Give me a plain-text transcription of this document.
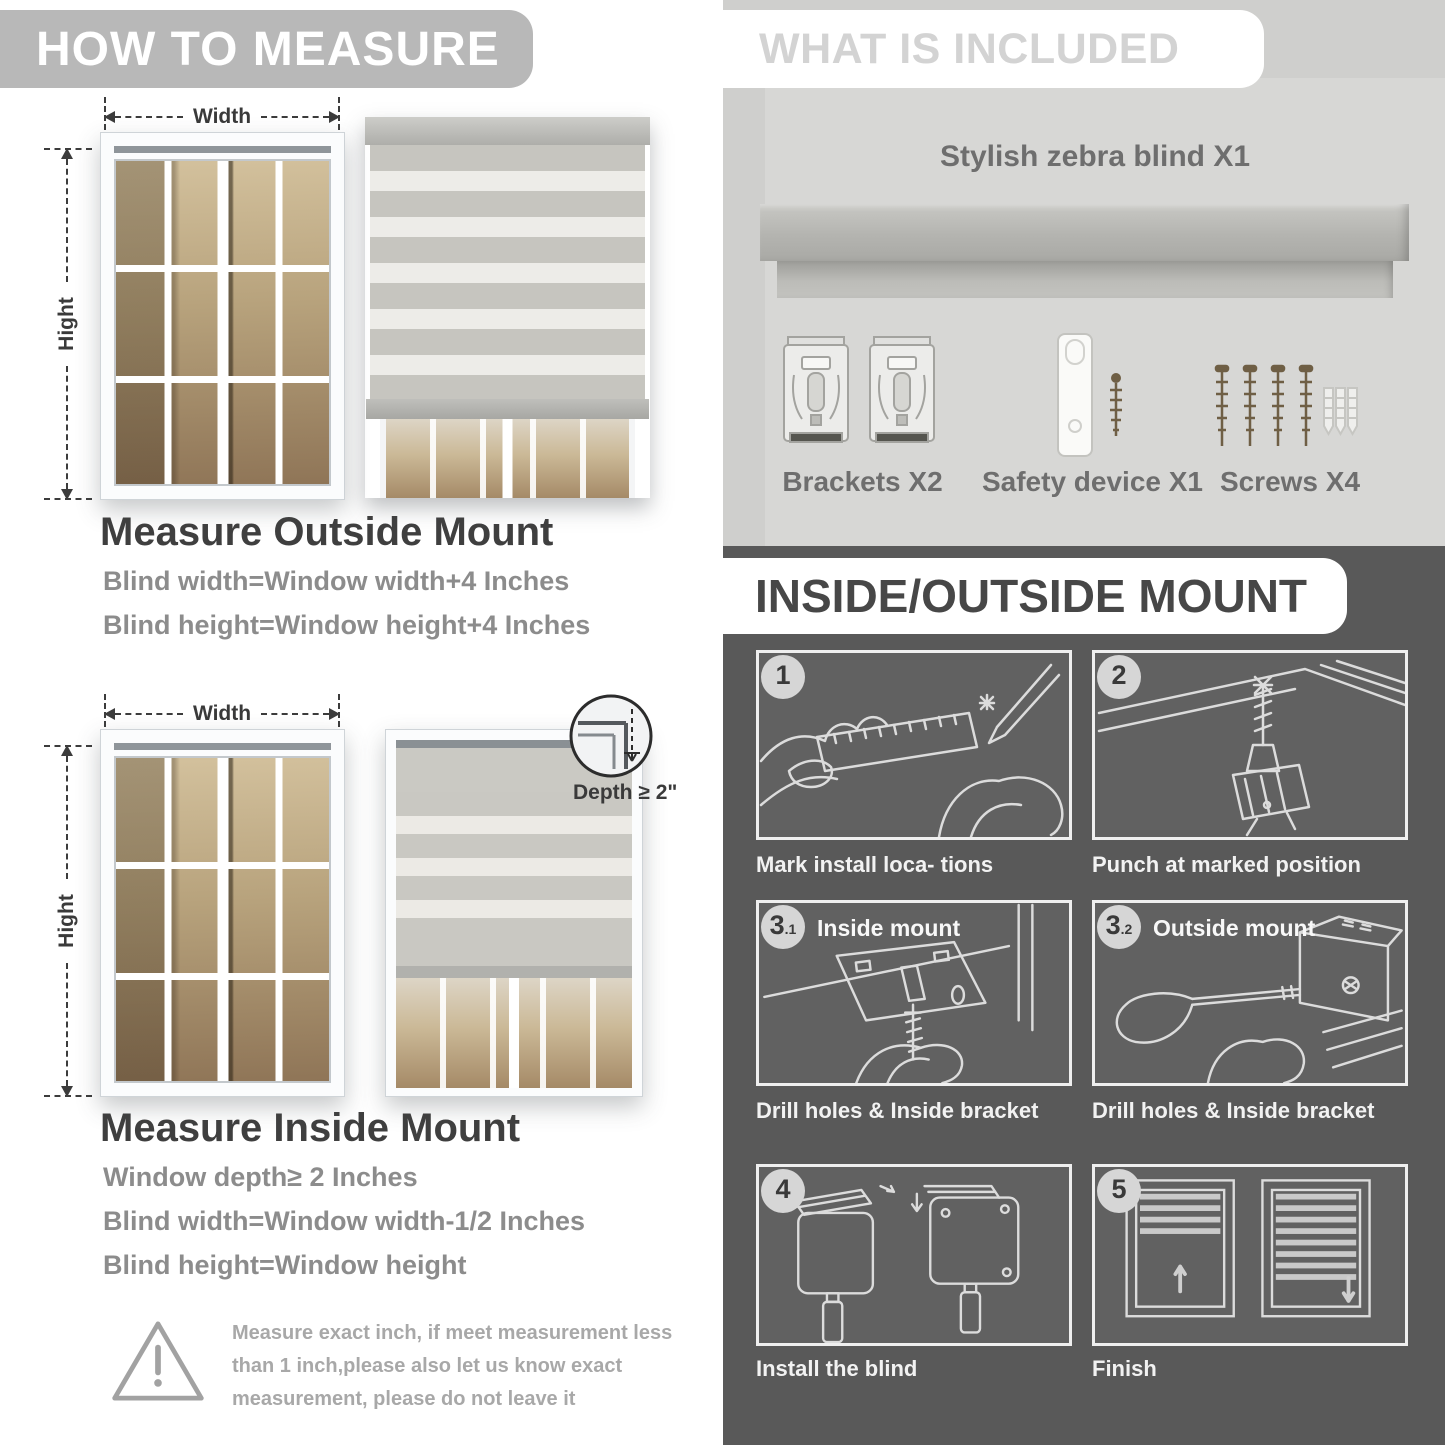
HOW TO MEASURE
Width
Hight
Measure Outside Mount
Blind width=Window width+4 Inches
Blind height=Window height+4 Inches
Width
Hight
Depth ≥ 2"
Measure Inside Mount
Window depth≥ 2 Inches
Blind width=Window width-1/2 Inches
Blind height=Window height
Measure exact inch, if meet measurement less than 1 inch,please also let us know exact measurement, please do not leave it
WHAT IS INCLUDED
Stylish zebra blind X1
Brackets X2	Safety device X1 Screws X4
INSIDE/OUTSIDE MOUNT
1
Mark install loca- tions
2
Punch at marked position
3 .1 Inside mount
Drill holes & Inside bracket
3 .2 Outside mount
Drill holes & Inside bracket
4
Install the blind
5
Finish
